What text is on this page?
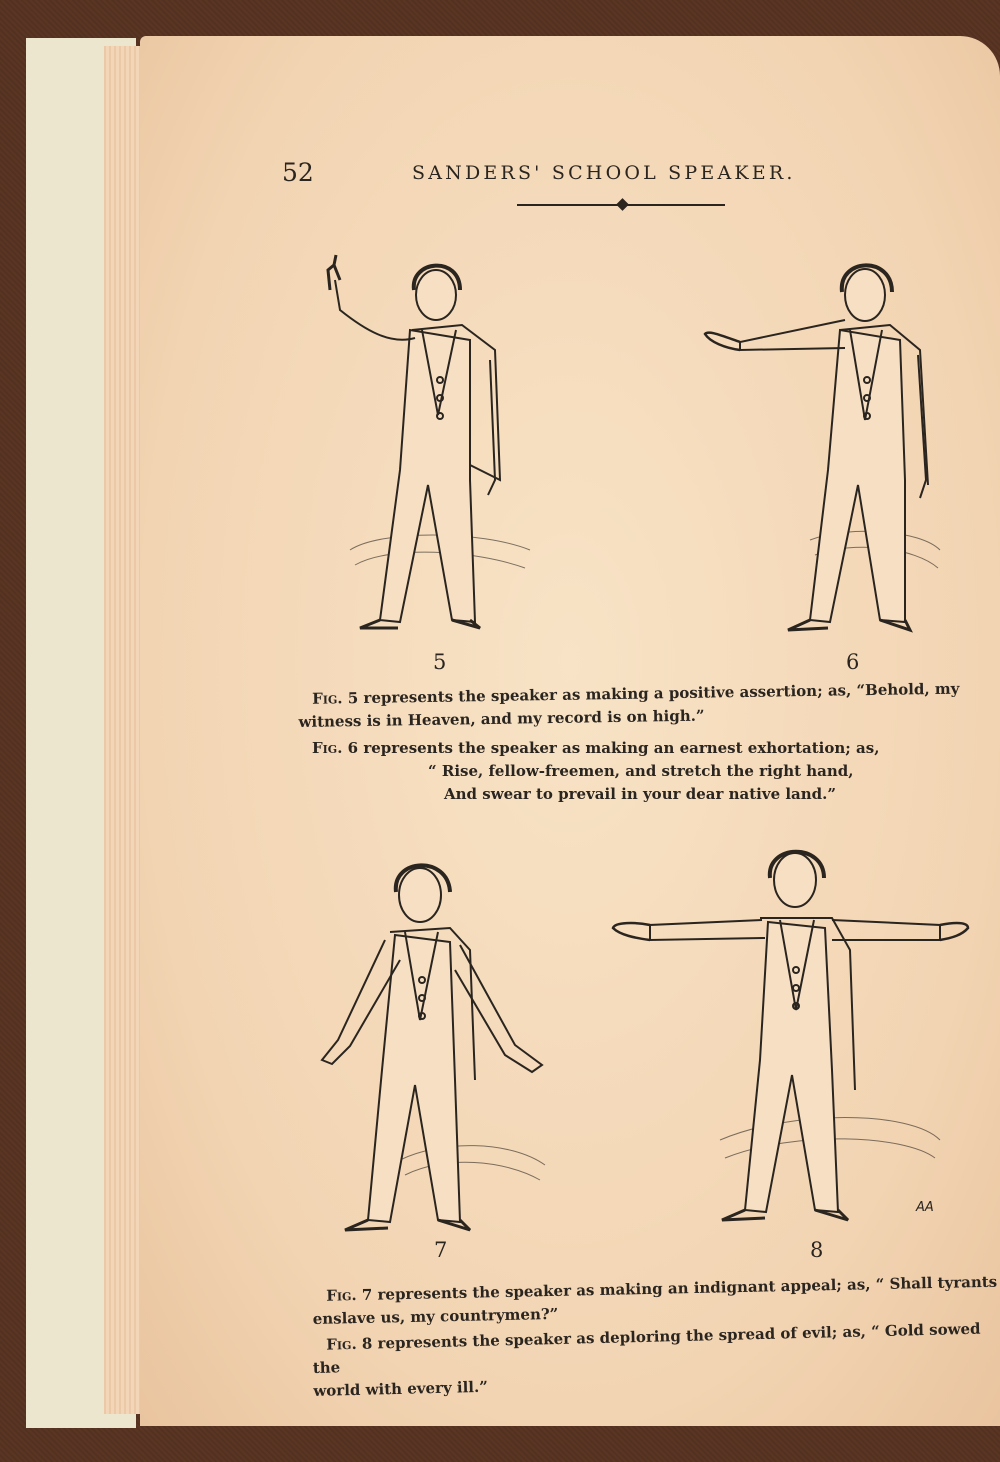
52	SANDERS' SCHOOL SPEAKER.
5	6

Fig. 5 represents the speaker as making a positive assertion; as, “Behold, my
witness is in Heaven, and my record is on high.”

Fig. 6 represents the speaker as making an earnest exhortation; as,
“ Rise, fellow-freemen, and stretch the right hand,
And swear to prevail in your dear native land.”

7	8
AA

Fig. 7 represents the speaker as making an indignant appeal; as, “ Shall tyrants
enslave us, my countrymen?”

Fig. 8 represents the speaker as deploring the spread of evil; as, “ Gold sowed the
world with every ill.”
